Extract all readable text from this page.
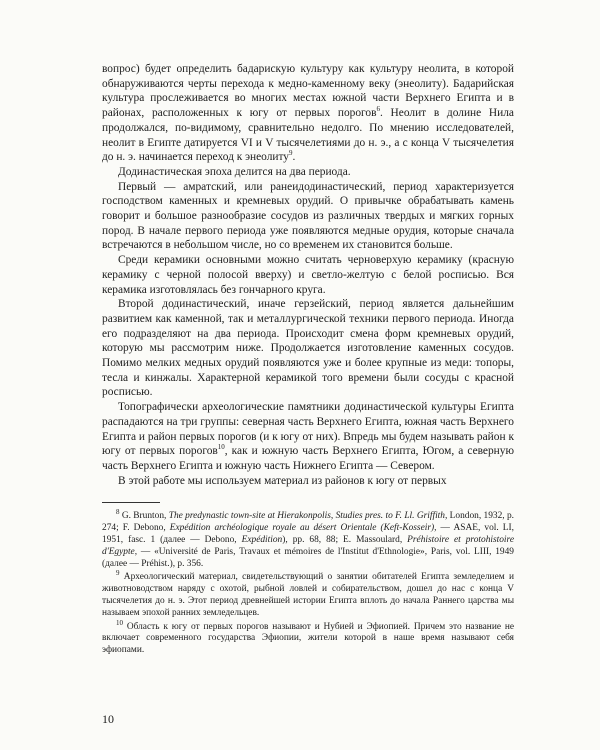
вопрос) будет определить бадарискую культуру как культуру неолита, в которой обнаруживаются черты перехода к медно-каменному веку (энеолиту). Бадарийская культура прослеживается во многих местах южной части Верхнего Египта и в районах, расположенных к югу от первых порогов$^6$. Неолит в долине Нила продолжался, по-видимому, сравнительно недолго. По мнению исследователей, неолит в Египте датируется VI и V тысячелетиями до н. э., а с конца V тысячелетия до н. э. начинается переход к энеолиту$^9$.

Додинастическая эпоха делится на два периода.

Первый — амратский, или ранеидодинастический, период характеризуется господством каменных и кремневых орудий. О привычке обрабатывать камень говорит и большое разнообразие сосудов из различных твердых и мягких горных пород. В начале первого периода уже появляются медные орудия, которые сначала встречаются в небольшом числе, но со временем их становится больше.

Среди керамики основными можно считать черноверхую керамику (красную керамику с черной полосой вверху) и светло-желтую с белой росписью. Вся керамика изготовлялась без гончарного круга.

Второй додинастический, иначе герзейский, период является дальнейшим развитием как каменной, так и металлургической техники первого периода. Иногда его подразделяют на два периода. Происходит смена форм кремневых орудий, которую мы рассмотрим ниже. Продолжается изготовление каменных сосудов. Помимо мелких медных орудий появляются уже и более крупные из меди: топоры, тесла и кинжалы. Характерной керамикой того времени были сосуды с красной росписью.

Топографически археологические памятники додинастической культуры Египта распадаются на три группы: северная часть Верхнего Египта, южная часть Верхнего Египта и район первых порогов (и к югу от них). Впредь мы будем называть район к югу от первых порогов$^{10}$, как и южную часть Верхнего Египта, Югом, а северную часть Верхнего Египта и южную часть Нижнего Египта — Севером.

В этой работе мы используем материал из районов к югу от первых

$^8$ G. Brunton, The predynastic town-site at Hierakonpolis, Studies pres. to F. Ll. Griffith, London, 1932, p. 274; F. Debono, Expédition archéologique royale au désert Orientale (Keft-Kosseir), — ASAE, vol. LI, 1951, fasc. 1 (далее — Debono, Expédition), pp. 68, 88; E. Massoulard, Préhistoire et protohistoire d'Egypte, — «Université de Paris, Travaux et mémoires de l'Institut d'Ethnologie», Paris, vol. LIII, 1949 (далее — Préhist.), p. 356.

$^9$ Археологический материал, свидетельствующий о занятии обитателей Египта земледелием и животноводством наряду с охотой, рыбной ловлей и собирательством, дошел до нас с конца V тысячелетия до н. э. Этот период древнейшей истории Египта вплоть до начала Раннего царства мы называем эпохой ранних земледельцев.

$^{10}$ Область к югу от первых порогов называют и Нубией и Эфиопией. Причем это название не включает современного государства Эфиопии, жители которой в наше время называют себя эфиопами.

10
